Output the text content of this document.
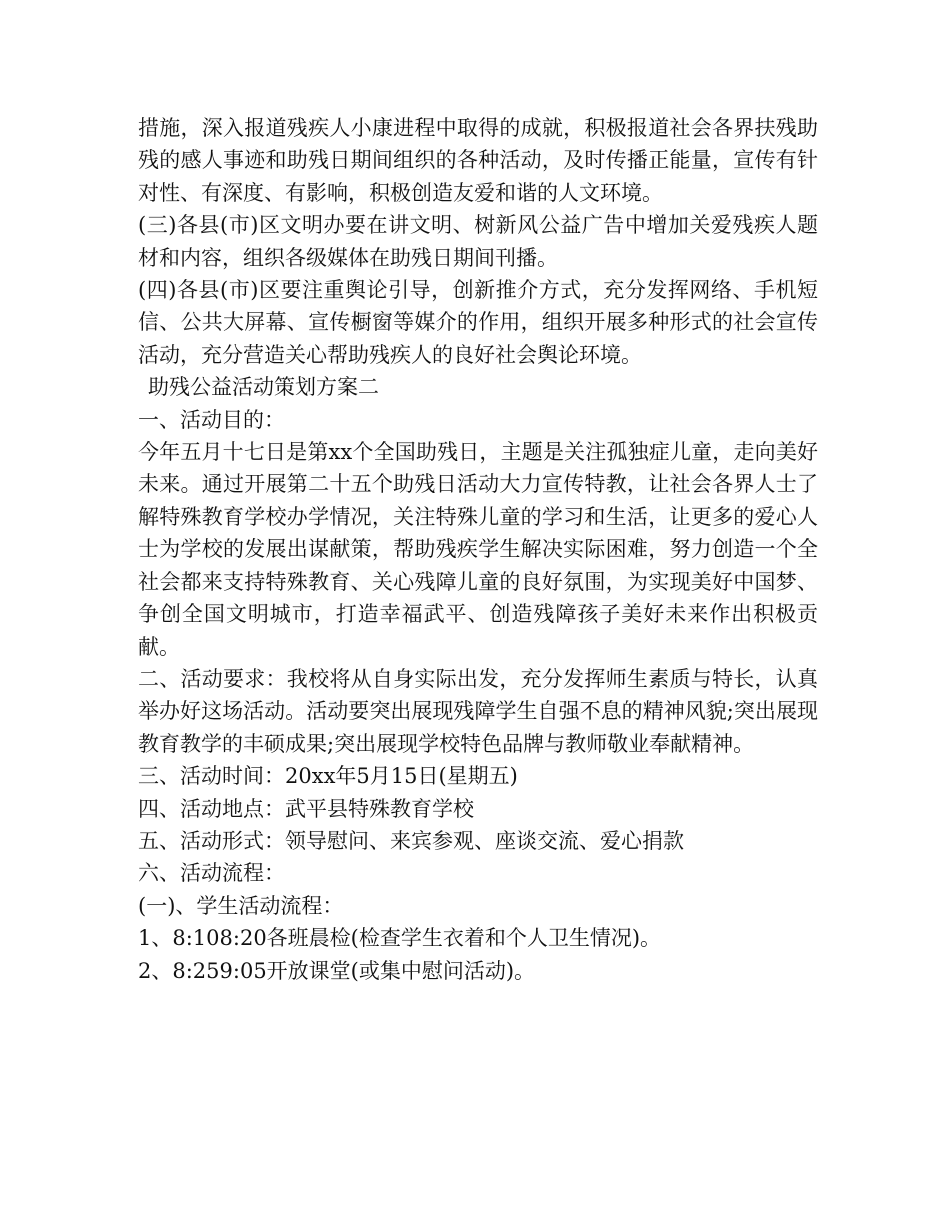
措施，深入报道残疾人小康进程中取得的成就，积极报道社会各界扶残助残的感人事迹和助残日期间组织的各种活动，及时传播正能量，宣传有针对性、有深度、有影响，积极创造友爱和谐的人文环境。

(三)各县(市)区文明办要在讲文明、树新风公益广告中增加关爱残疾人题材和内容，组织各级媒体在助残日期间刊播。

(四)各县(市)区要注重舆论引导，创新推介方式，充分发挥网络、手机短信、公共大屏幕、宣传橱窗等媒介的作用，组织开展多种形式的社会宣传活动，充分营造关心帮助残疾人的良好社会舆论环境。

助残公益活动策划方案二

一、活动目的：

今年五月十七日是第xx个全国助残日，主题是关注孤独症儿童，走向美好未来。通过开展第二十五个助残日活动大力宣传特教，让社会各界人士了解特殊教育学校办学情况，关注特殊儿童的学习和生活，让更多的爱心人士为学校的发展出谋献策，帮助残疾学生解决实际困难，努力创造一个全社会都来支持特殊教育、关心残障儿童的良好氛围，为实现美好中国梦、争创全国文明城市，打造幸福武平、创造残障孩子美好未来作出积极贡献。

二、活动要求：我校将从自身实际出发，充分发挥师生素质与特长，认真举办好这场活动。活动要突出展现残障学生自强不息的精神风貌;突出展现教育教学的丰硕成果;突出展现学校特色品牌与教师敬业奉献精神。

三、活动时间：20xx年5月15日(星期五)

四、活动地点：武平县特殊教育学校

五、活动形式：领导慰问、来宾参观、座谈交流、爱心捐款

六、活动流程：

(一)、学生活动流程：

1、8:108:20各班晨检(检查学生衣着和个人卫生情况)。

2、8:259:05开放课堂(或集中慰问活动)。
